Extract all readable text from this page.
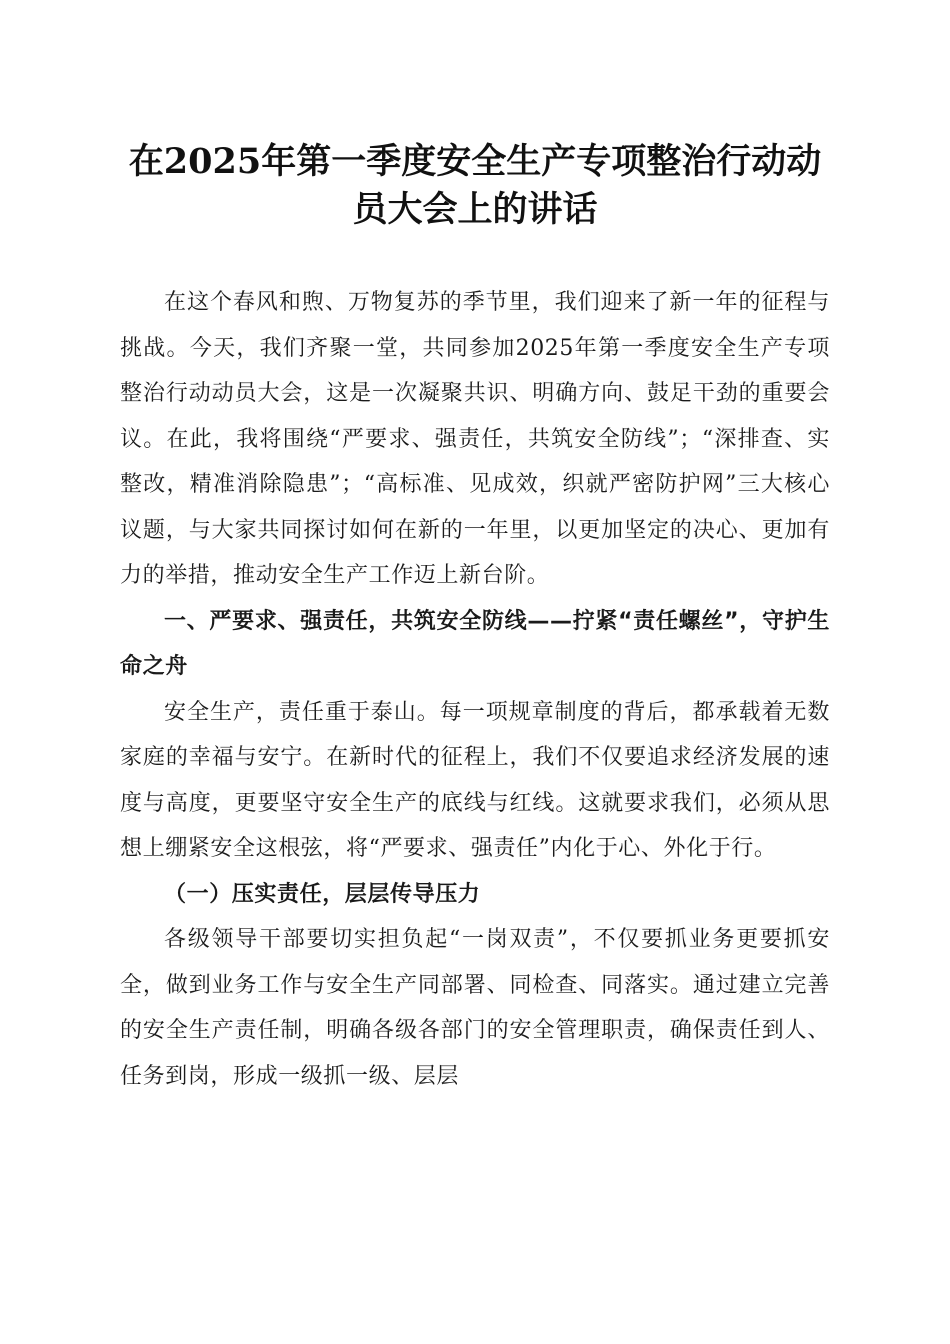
在2025年第一季度安全生产专项整治行动动
员大会上的讲话

在这个春风和煦、万物复苏的季节里，我们迎来了新一年的征程与挑战。今天，我们齐聚一堂，共同参加2025年第一季度安全生产专项整治行动动员大会，这是一次凝聚共识、明确方向、鼓足干劲的重要会议。在此，我将围绕“严要求、强责任，共筑安全防线”；“深排查、实整改，精准消除隐患”；“高标准、见成效，织就严密防护网”三大核心议题，与大家共同探讨如何在新的一年里，以更加坚定的决心、更加有力的举措，推动安全生产工作迈上新台阶。

一、严要求、强责任，共筑安全防线——拧紧“责任螺丝”，守护生命之舟

安全生产，责任重于泰山。每一项规章制度的背后，都承载着无数家庭的幸福与安宁。在新时代的征程上，我们不仅要追求经济发展的速度与高度，更要坚守安全生产的底线与红线。这就要求我们，必须从思想上绷紧安全这根弦，将“严要求、强责任”内化于心、外化于行。

（一）压实责任，层层传导压力

各级领导干部要切实担负起“一岗双责”，不仅要抓业务更要抓安全，做到业务工作与安全生产同部署、同检查、同落实。通过建立完善的安全生产责任制，明确各级各部门的安全管理职责，确保责任到人、任务到岗，形成一级抓一级、层层
